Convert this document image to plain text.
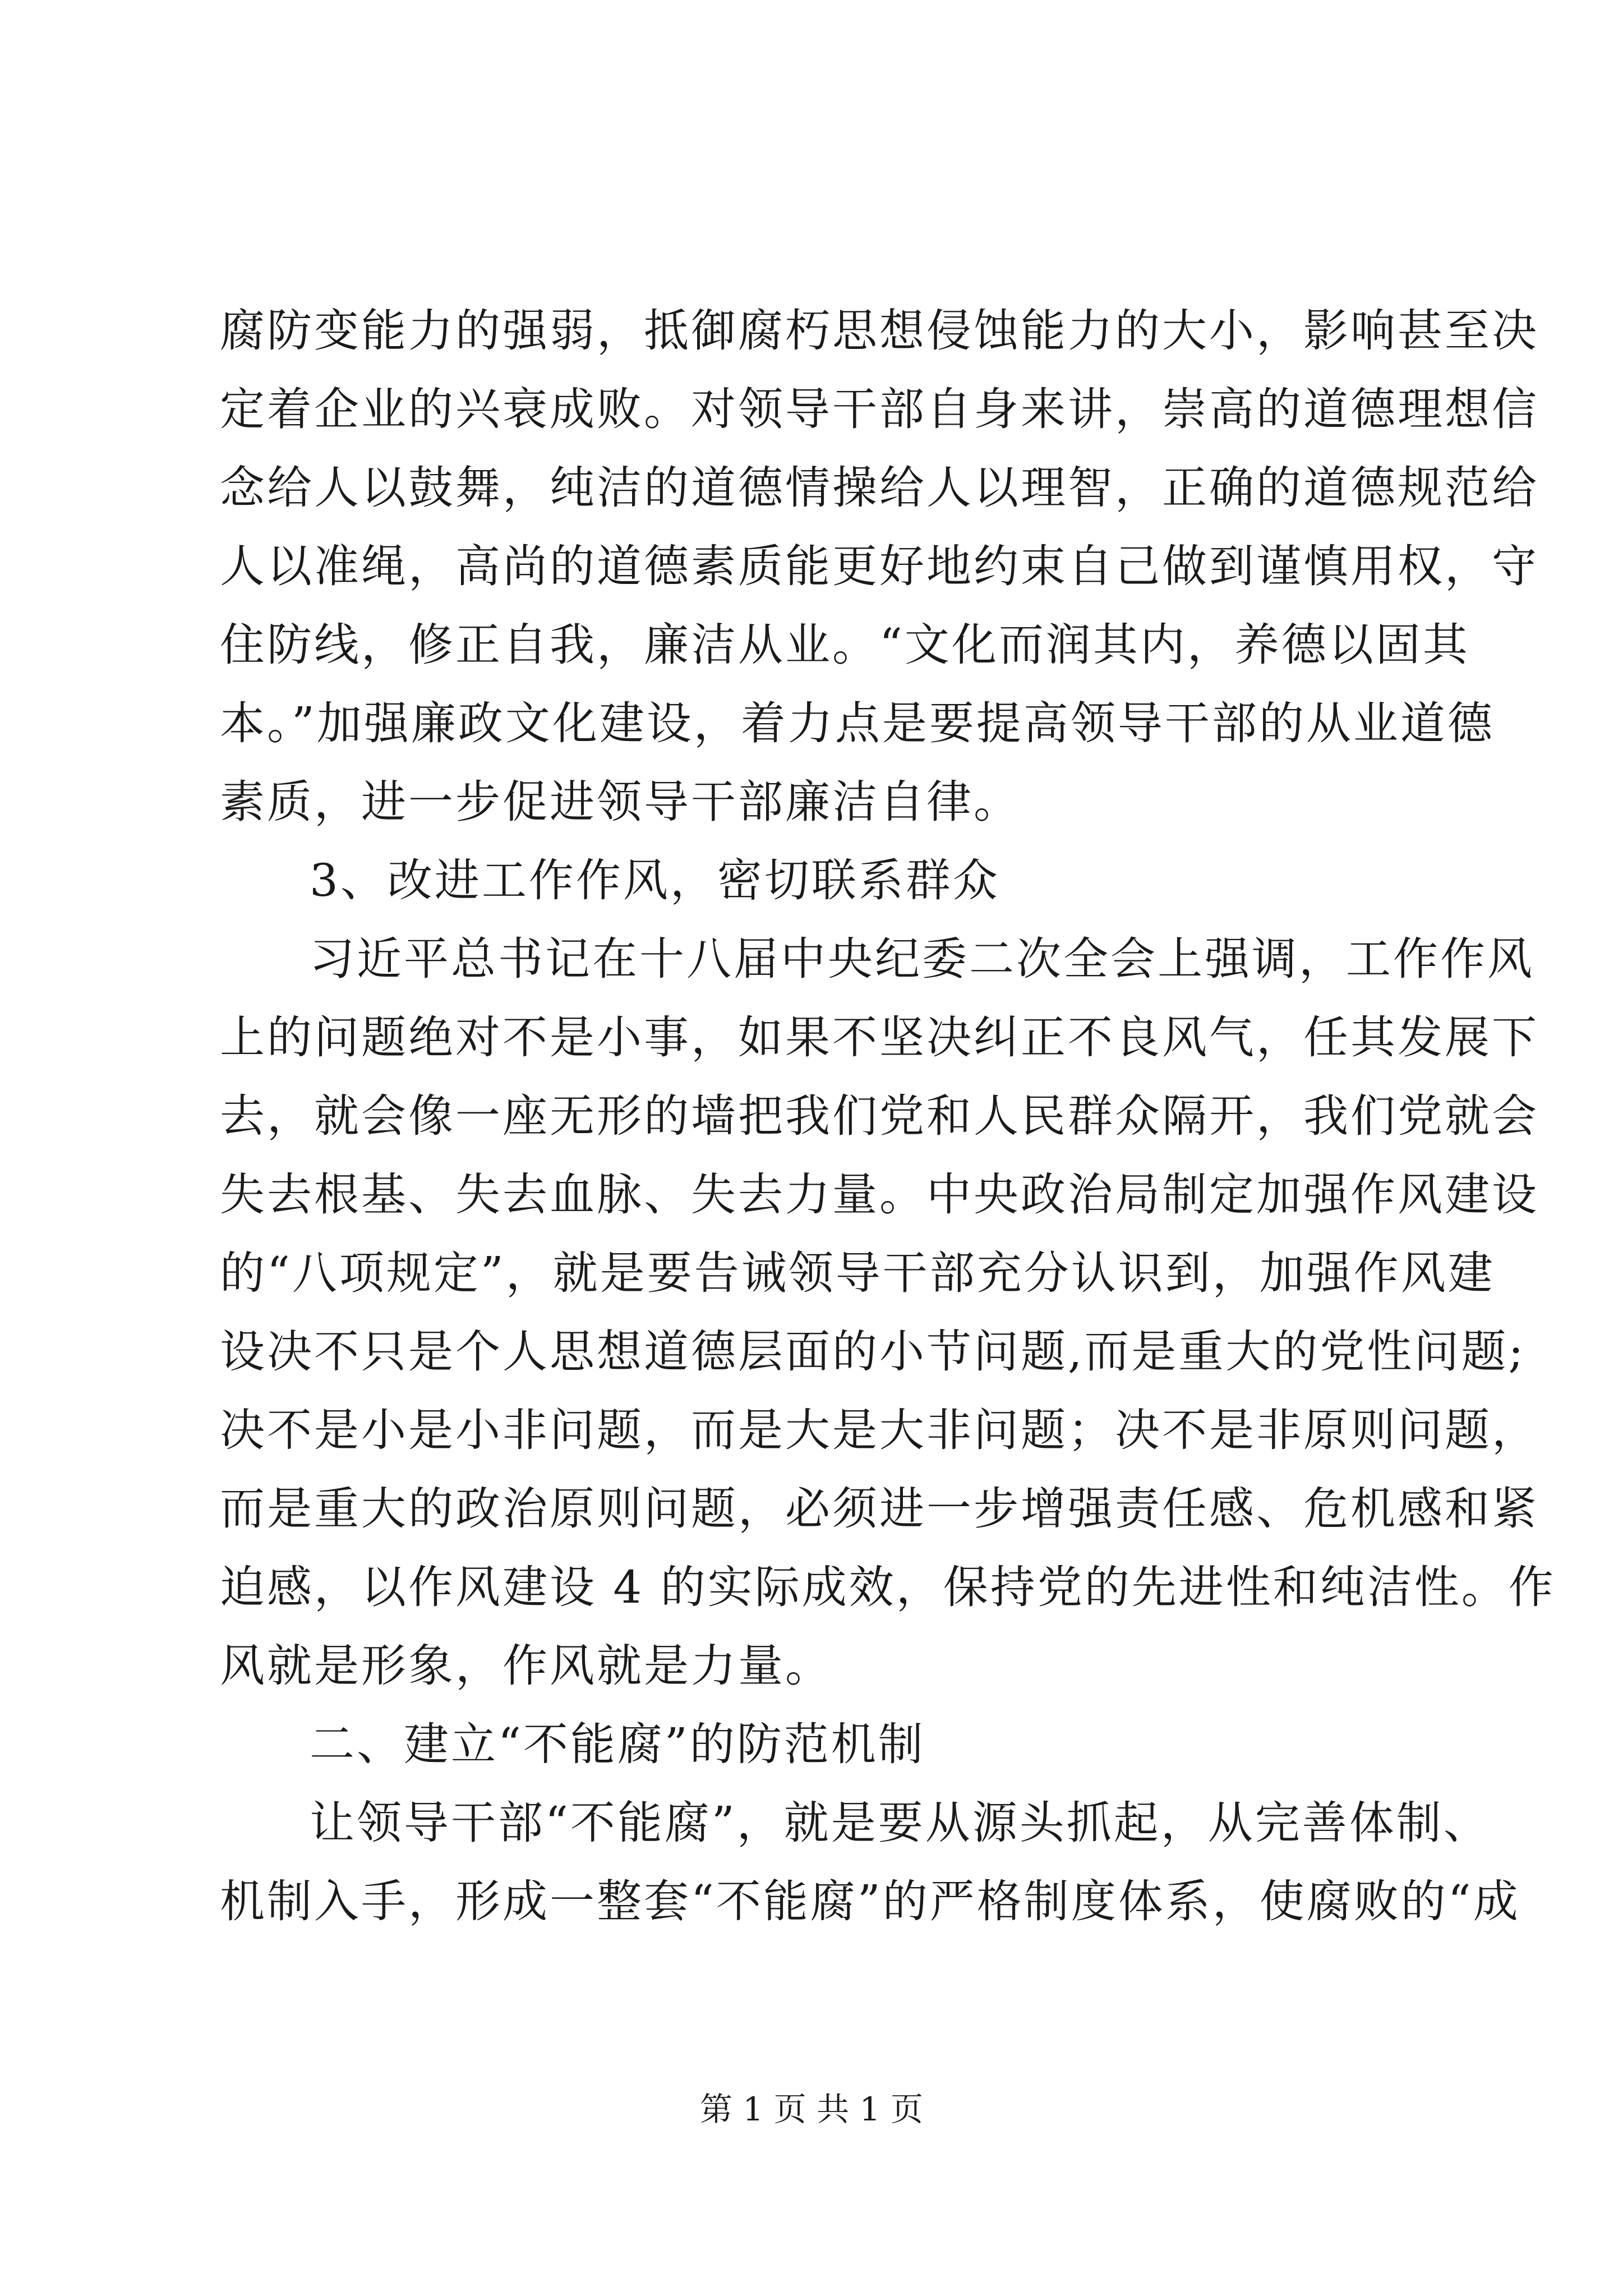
腐防变能力的强弱，抵御腐朽思想侵蚀能力的大小，影响甚至决
定着企业的兴衰成败。对领导干部自身来讲，崇高的道德理想信
念给人以鼓舞，纯洁的道德情操给人以理智，正确的道德规范给
人以准绳，高尚的道德素质能更好地约束自己做到谨慎用权，守
住防线，修正自我，廉洁从业。“文化而润其内，养德以固其
本。”加强廉政文化建设，着力点是要提高领导干部的从业道德
素质，进一步促进领导干部廉洁自律。
3、改进工作作风，密切联系群众
习近平总书记在十八届中央纪委二次全会上强调，工作作风
上的问题绝对不是小事，如果不坚决纠正不良风气，任其发展下
去，就会像一座无形的墙把我们党和人民群众隔开，我们党就会
失去根基、失去血脉、失去力量。中央政治局制定加强作风建设
的“八项规定”，就是要告诫领导干部充分认识到，加强作风建
设决不只是个人思想道德层面的小节问题,而是重大的党性问题;
决不是小是小非问题，而是大是大非问题；决不是非原则问题，
而是重大的政治原则问题，必须进一步增强责任感、危机感和紧
迫感，以作风建设 4 的实际成效，保持党的先进性和纯洁性。作
风就是形象，作风就是力量。
二、建立“不能腐”的防范机制
让领导干部“不能腐”，就是要从源头抓起，从完善体制、
机制入手，形成一整套“不能腐”的严格制度体系，使腐败的“成
第 1 页 共 1 页
